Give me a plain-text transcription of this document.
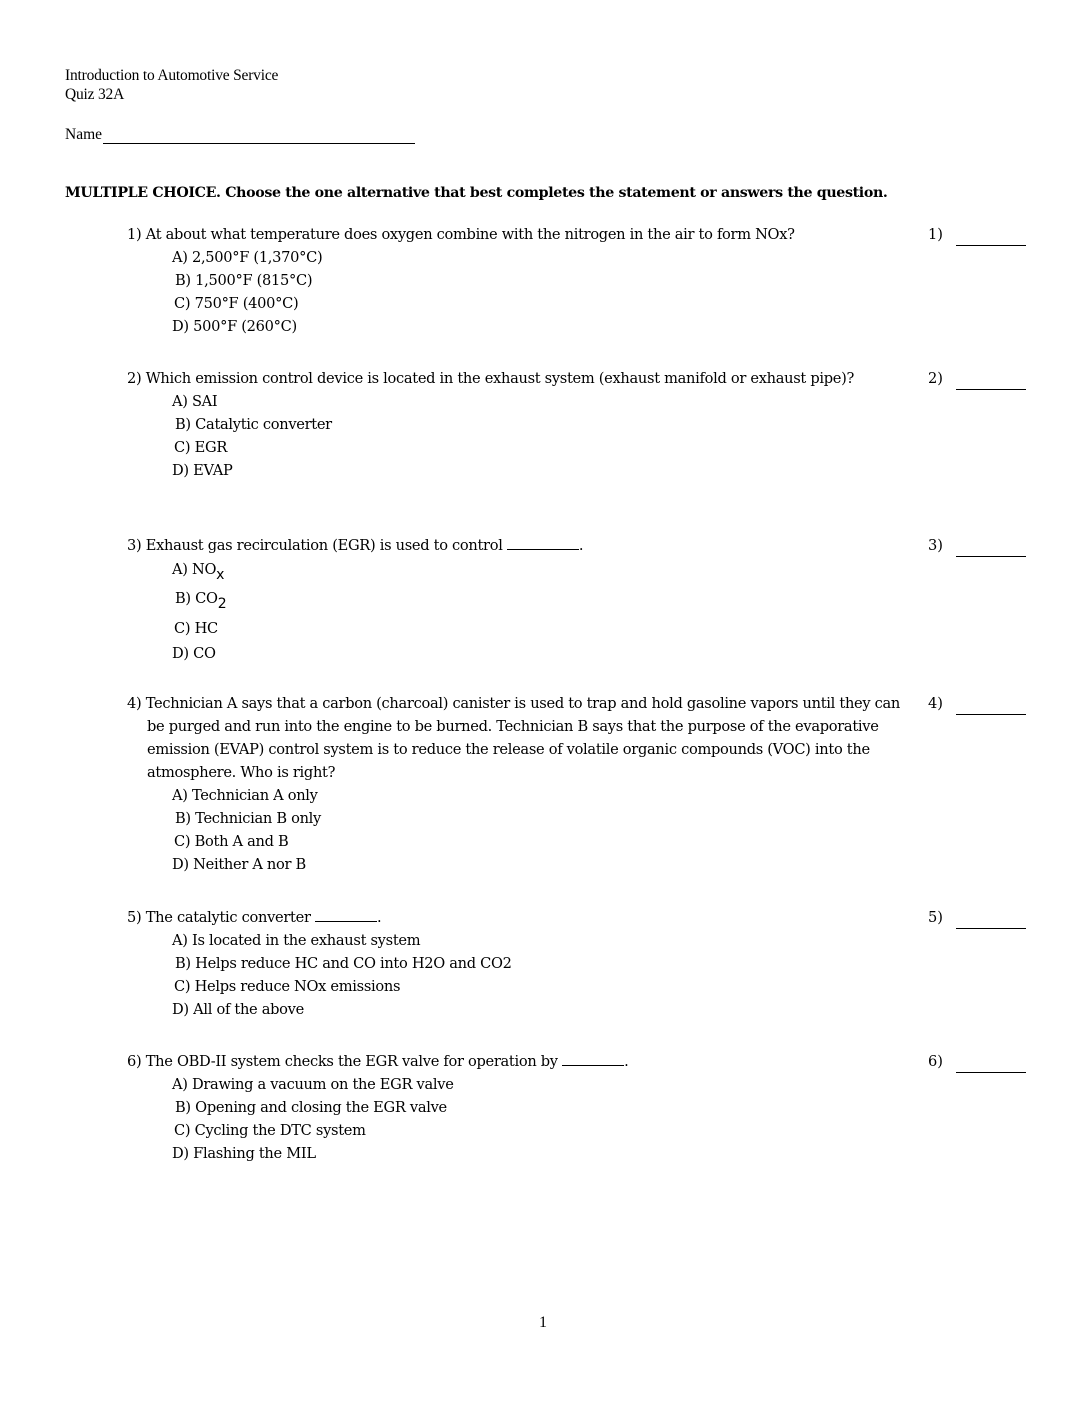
Introduction to Automotive Service
Quiz 32A
Name
MULTIPLE CHOICE. Choose the one alternative that best completes the statement or answers the question.

1) At about what temperature does oxygen combine with the nitrogen in the air to form NOx?

A) 2,500°F (1,370°C)
B) 1,500°F (815°C)
C) 750°F (400°C)
D) 500°F (260°C)
1)

2) Which emission control device is located in the exhaust system (exhaust manifold or exhaust pipe)?

A) SAI
B) Catalytic converter
C) EGR
D) EVAP
2)

3) Exhaust gas recirculation (EGR) is used to control	.

A) NOx
B) CO2
C) HC
D) CO
3)

4) Technician A says that a carbon (charcoal) canister is used to trap and hold gasoline vapors until they can be purged and run into the engine to be burned. Technician B says that the purpose of the evaporative emission (EVAP) control system is to reduce the release of volatile organic compounds (VOC) into the atmosphere. Who is right?

A) Technician A only
B) Technician B only
C) Both A and B
D) Neither A nor B
4)

5) The catalytic converter	.

A) Is located in the exhaust system
B) Helps reduce HC and CO into H2O and CO2
C) Helps reduce NOx emissions
D) All of the above
5)

6) The OBD-II system checks the EGR valve for operation by	.

A) Drawing a vacuum on the EGR valve
B) Opening and closing the EGR valve
C) Cycling the DTC system
D) Flashing the MIL
6)
1
